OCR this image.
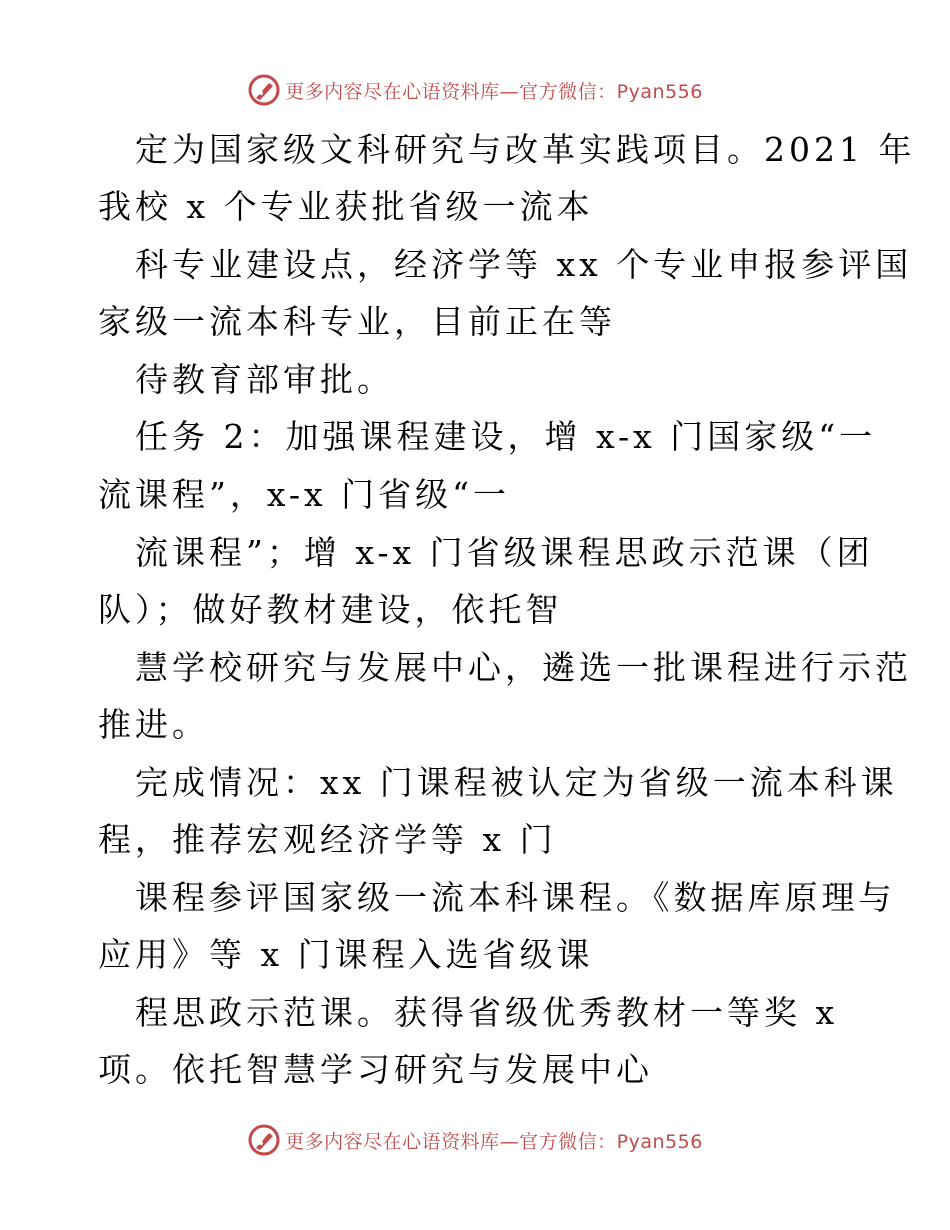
更多内容尽在心语资料库—官方微信：Pyan556
定为国家级文科研究与改革实践项目。2021 年
我校 x 个专业获批省级一流本
科专业建设点，经济学等 xx 个专业申报参评国
家级一流本科专业，目前正在等
待教育部审批。
任务 2：加强课程建设，增 x-x 门国家级“一
流课程”，x-x 门省级“一
流课程”；增 x-x 门省级课程思政示范课（团
队）；做好教材建设，依托智
慧学校研究与发展中心，遴选一批课程进行示范
推进。
完成情况：xx 门课程被认定为省级一流本科课
程，推荐宏观经济学等 x 门
课程参评国家级一流本科课程。《数据库原理与
应用》等 x 门课程入选省级课
程思政示范课。获得省级优秀教材一等奖 x
项。依托智慧学习研究与发展中心
更多内容尽在心语资料库—官方微信：Pyan556
